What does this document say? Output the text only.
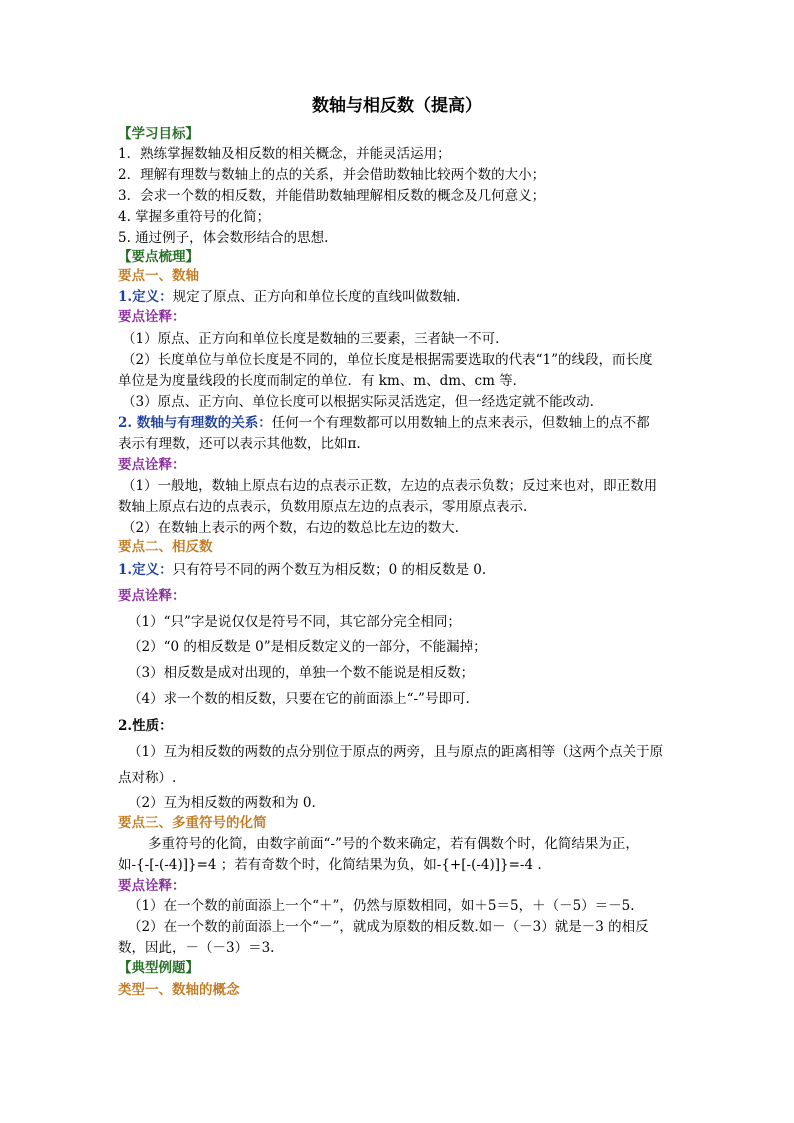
数轴与相反数（提高）
【学习目标】
1．熟练掌握数轴及相反数的相关概念，并能灵活运用；
2．理解有理数与数轴上的点的关系，并会借助数轴比较两个数的大小；
3．会求一个数的相反数，并能借助数轴理解相反数的概念及几何意义；
4. 掌握多重符号的化简；
5. 通过例子，体会数形结合的思想.
【要点梳理】
要点一、数轴
1.定义：规定了原点、正方向和单位长度的直线叫做数轴.
要点诠释：
（1）原点、正方向和单位长度是数轴的三要素，三者缺一不可.
（2）长度单位与单位长度是不同的，单位长度是根据需要选取的代表“1”的线段，而长度
单位是为度量线段的长度而制定的单位．有 km、m、dm、cm 等．
（3）原点、正方向、单位长度可以根据实际灵活选定，但一经选定就不能改动.
2. 数轴与有理数的关系：任何一个有理数都可以用数轴上的点来表示，但数轴上的点不都
表示有理数，还可以表示其他数，比如π.
要点诠释：
（1）一般地，数轴上原点右边的点表示正数，左边的点表示负数；反过来也对，即正数用
数轴上原点右边的点表示，负数用原点左边的点表示，零用原点表示.
（2）在数轴上表示的两个数，右边的数总比左边的数大.
要点二、相反数
1.定义：只有符号不同的两个数互为相反数；0 的相反数是 0.
要点诠释：
（1）“只”字是说仅仅是符号不同，其它部分完全相同；
（2）“0 的相反数是 0”是相反数定义的一部分，不能漏掉；
（3）相反数是成对出现的，单独一个数不能说是相反数；
（4）求一个数的相反数，只要在它的前面添上“-”号即可.
2.性质：
（1）互为相反数的两数的点分别位于原点的两旁，且与原点的距离相等（这两个点关于原
点对称）.
（2）互为相反数的两数和为 0.
要点三、多重符号的化简
多重符号的化简，由数字前面“-”号的个数来确定，若有偶数个时，化简结果为正，
如-{-[-(-4)]}=4 ；若有奇数个时，化简结果为负，如-{+[-(-4)]}=-4 .
要点诠释：
（1）在一个数的前面添上一个“＋”，仍然与原数相同，如＋5＝5，＋（－5）＝－5.
（2）在一个数的前面添上一个“－”，就成为原数的相反数.如－（－3）就是－3 的相反
数，因此，－（－3）＝3.
【典型例题】
类型一、数轴的概念
